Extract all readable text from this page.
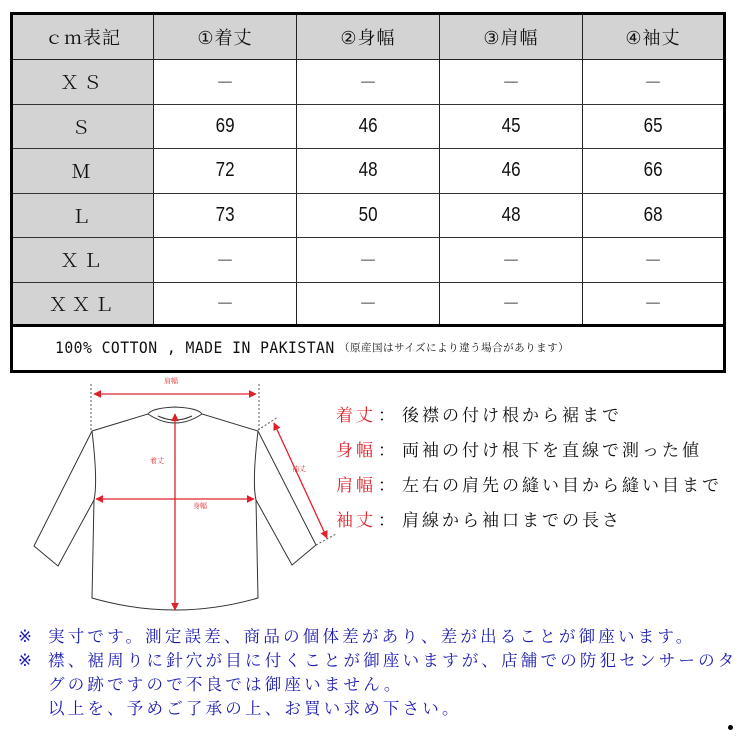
ｃｍ表記	①着丈	②身幅	③肩幅	④袖丈
ＸＳ	－	－	－	－
Ｓ	69	46	45	65
Ｍ	72	48	46	66
Ｌ	73	50	48	68
ＸＬ	－	－	－	－
ＸＸＬ	－	－	－	－
100% COTTON , MADE IN PAKISTAN （原産国はサイズにより違う場合があります）
肩幅
着丈
身幅
袖丈
着丈 ： 後襟の付け根から裾まで
身幅 ： 両袖の付け根下を直線で測った値
肩幅 ： 左右の肩先の縫い目から縫い目まで
袖丈 ： 肩線から袖口までの長さ
※ 実寸です。測定誤差、商品の個体差があり、差が出ることが御座います。
※ 襟、裾周りに針穴が目に付くことが御座いますが、店舗での防犯センサーのタ
グの跡ですので不良では御座いません。
以上を、予めご了承の上、お買い求め下さい。
